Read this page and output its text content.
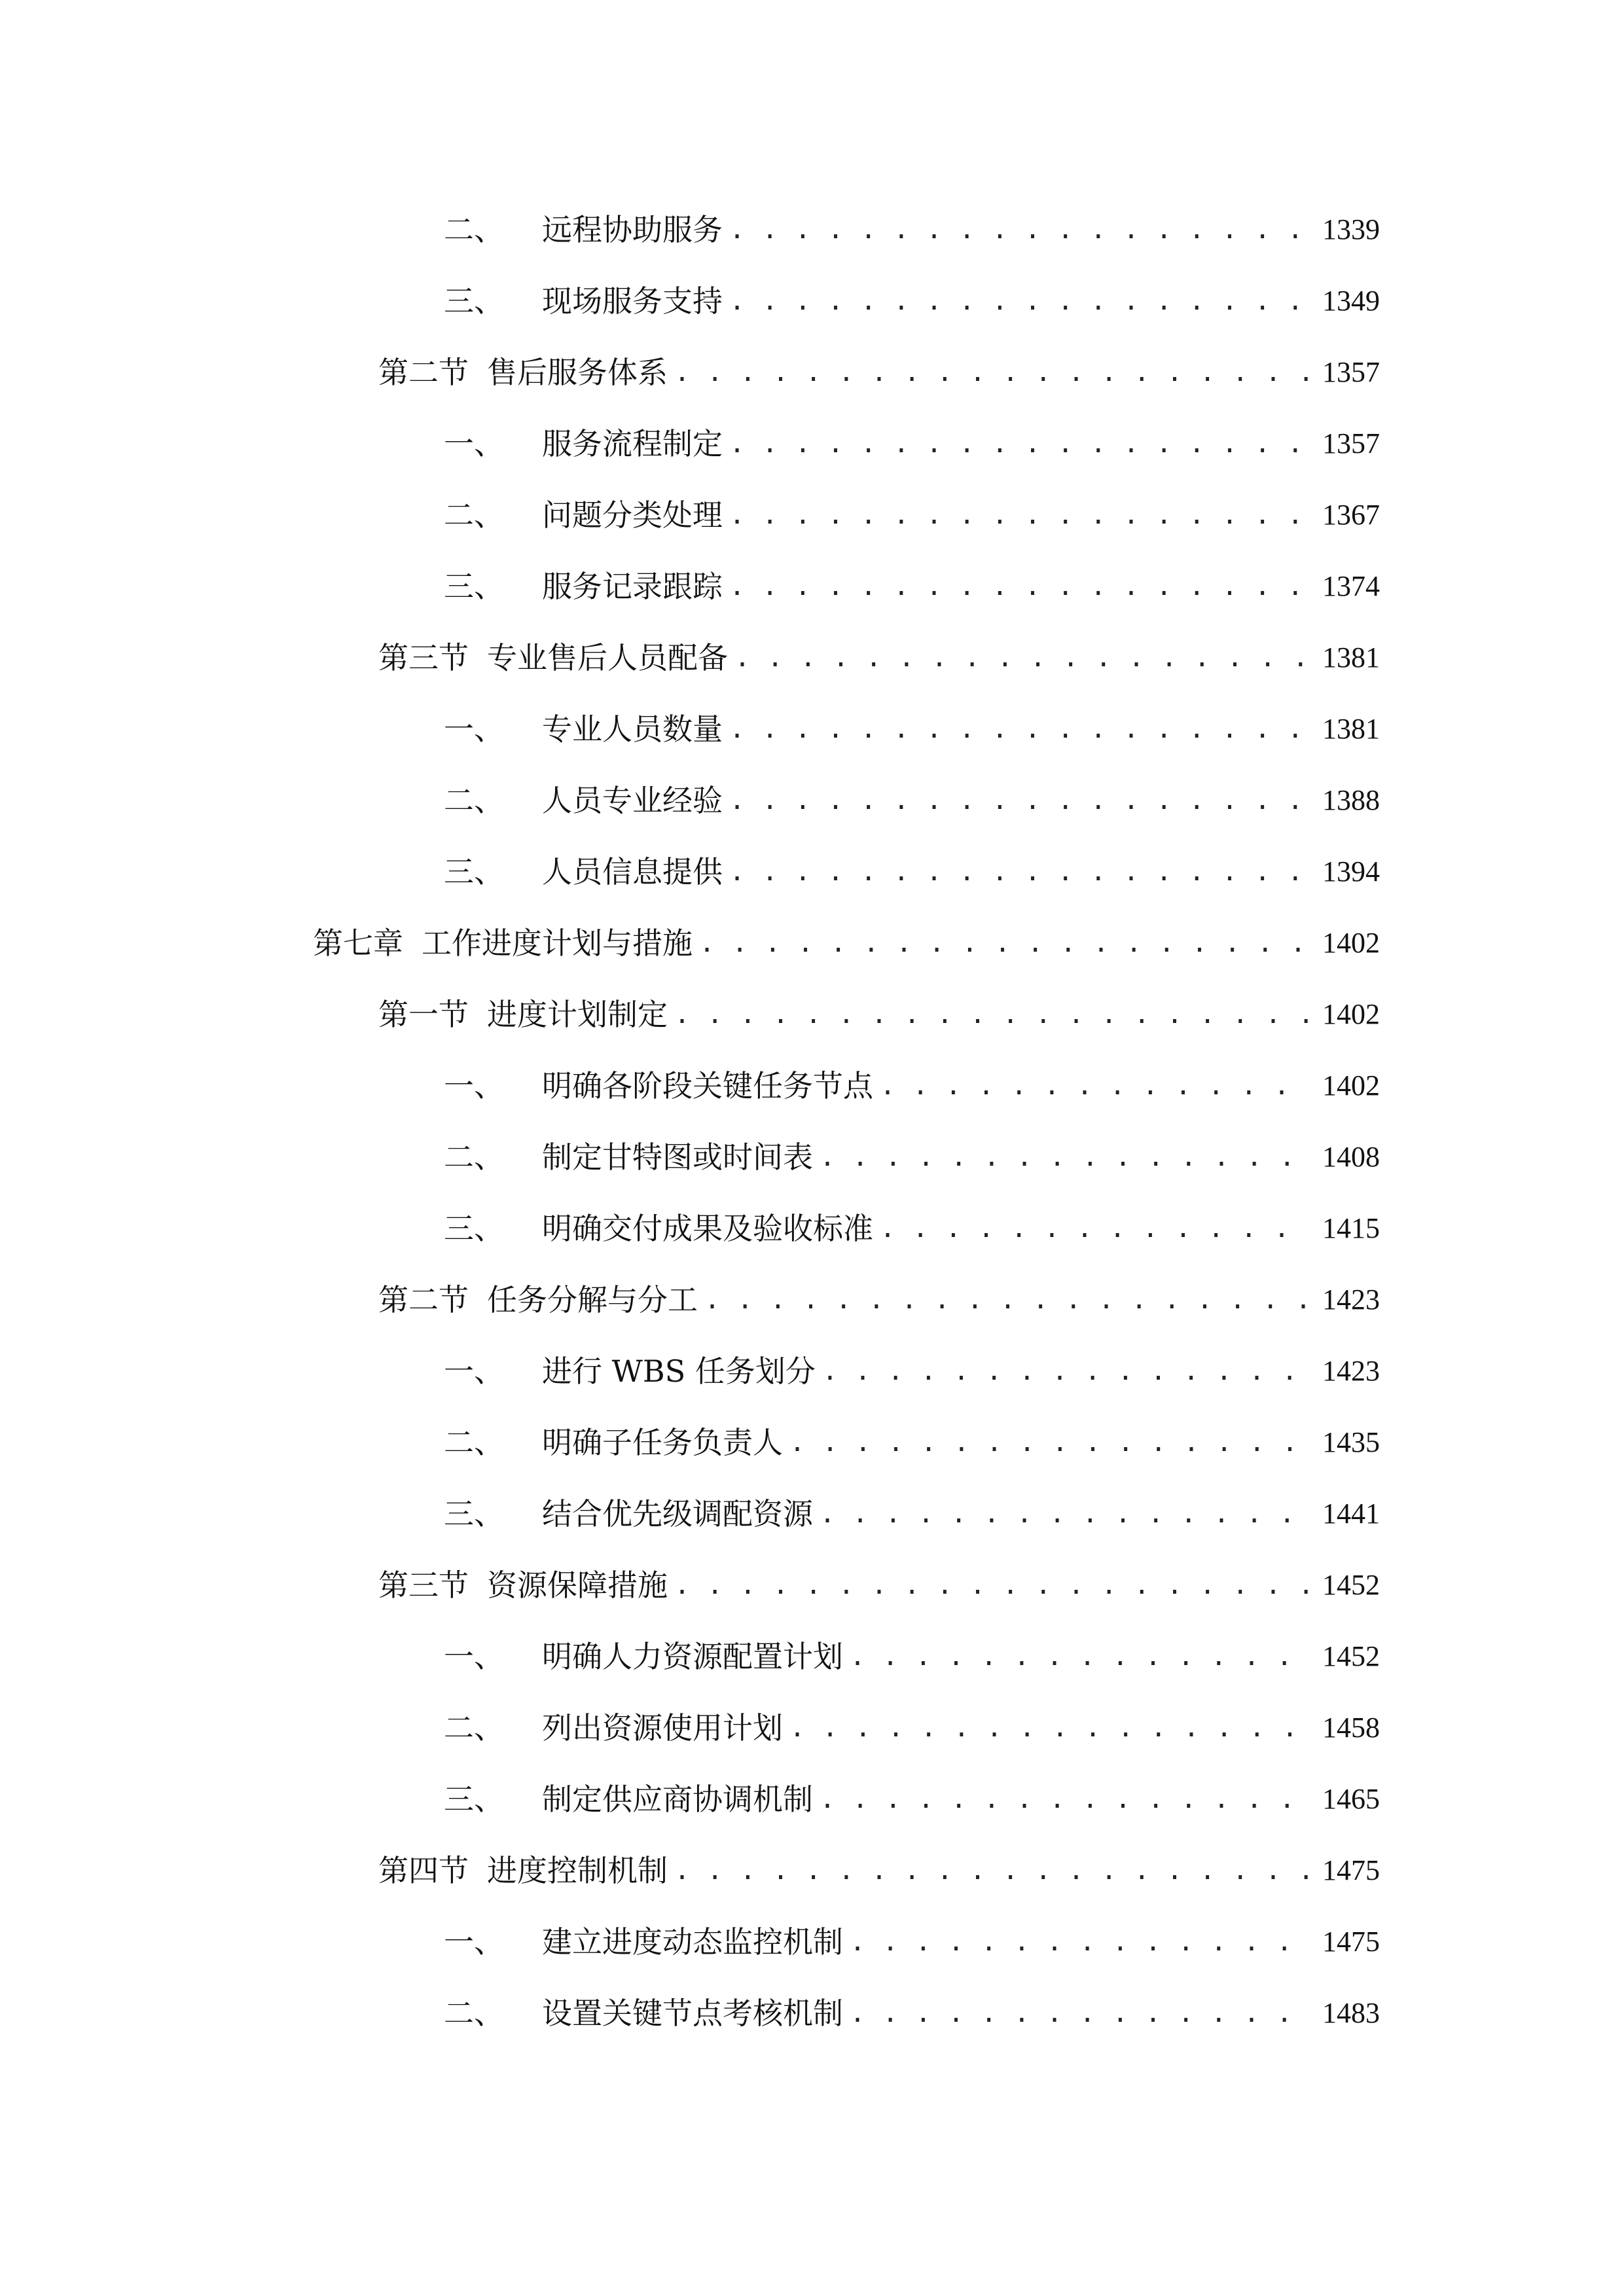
二、	远程协助服务 . . .	1339
三、	现场服务支持 . . .	1349
第二节 售后服务体系 . . .	1357
一、	服务流程制定 . . .	1357
二、	问题分类处理 . . .	1367
三、	服务记录跟踪 . . .	1374
第三节 专业售后人员配备 . . .	1381
一、	专业人员数量 . . .	1381
二、	人员专业经验 . . .	1388
三、	人员信息提供 . . .	1394
第七章 工作进度计划与措施 . . .	1402
第一节 进度计划制定 . . .	1402
一、	明确各阶段关键任务节点 . . .	1402
二、	制定甘特图或时间表 . . .	1408
三、	明确交付成果及验收标准 . . .	1415
第二节 任务分解与分工 . . .	1423
一、	进行 WBS 任务划分 . . .	1423
二、	明确子任务负责人 . . .	1435
三、	结合优先级调配资源 . . .	1441
第三节 资源保障措施 . . .	1452
一、	明确人力资源配置计划 . . .	1452
二、	列出资源使用计划 . . .	1458
三、	制定供应商协调机制 . . .	1465
第四节 进度控制机制 . . .	1475
一、	建立进度动态监控机制 . . .	1475
二、	设置关键节点考核机制 . . .	1483
